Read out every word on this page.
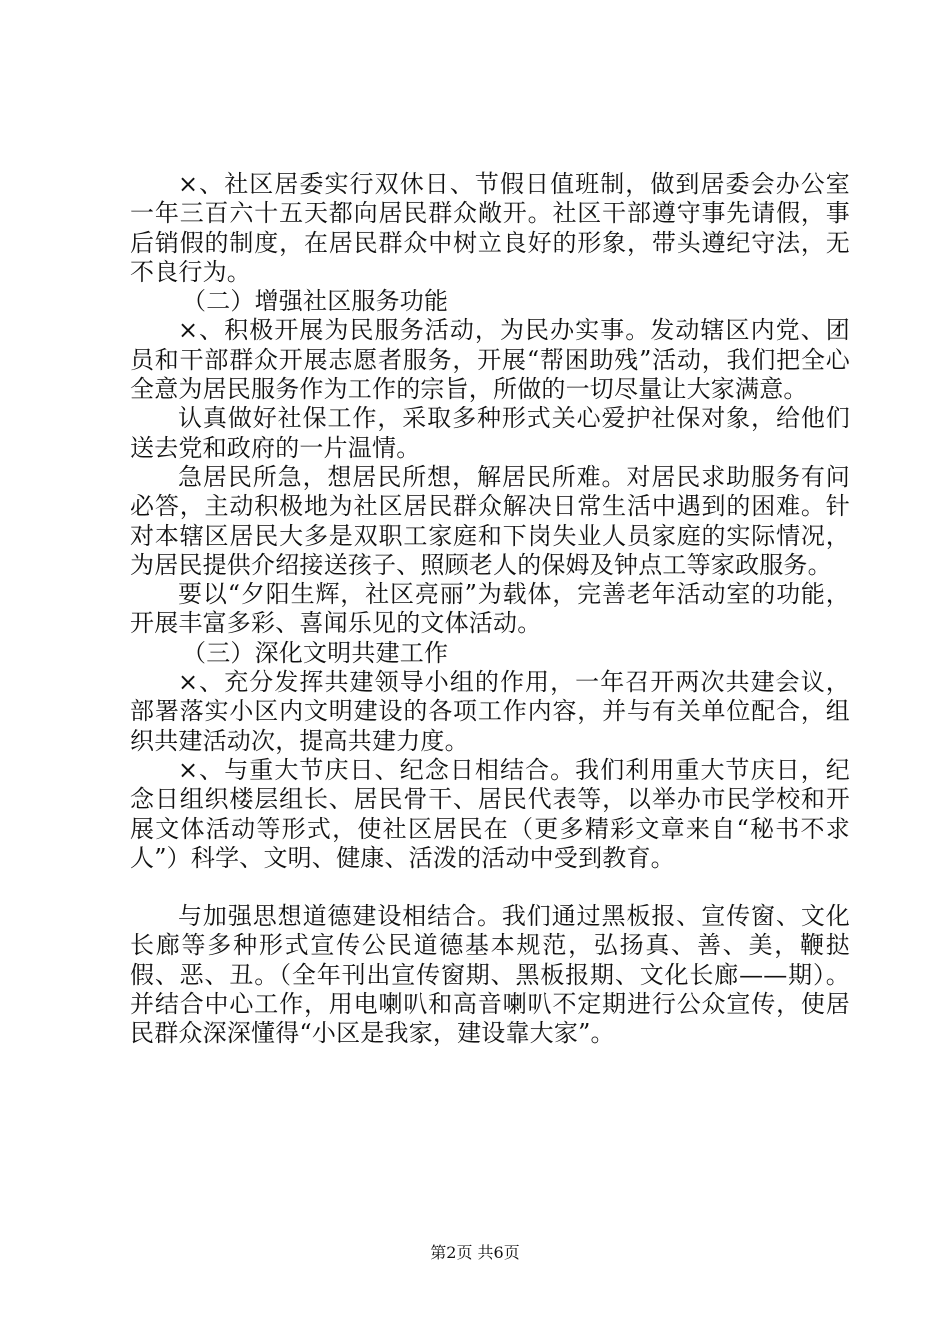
×、社区居委实行双休日、节假日值班制，做到居委会办公室一年三百六十五天都向居民群众敞开。社区干部遵守事先请假，事后销假的制度，在居民群众中树立良好的形象，带头遵纪守法，无不良行为。

（二）增强社区服务功能

×、积极开展为民服务活动，为民办实事。发动辖区内党、团员和干部群众开展志愿者服务，开展“帮困助残”活动，我们把全心全意为居民服务作为工作的宗旨，所做的一切尽量让大家满意。

认真做好社保工作，采取多种形式关心爱护社保对象，给他们送去党和政府的一片温情。

急居民所急，想居民所想，解居民所难。对居民求助服务有问必答，主动积极地为社区居民群众解决日常生活中遇到的困难。针对本辖区居民大多是双职工家庭和下岗失业人员家庭的实际情况，为居民提供介绍接送孩子、照顾老人的保姆及钟点工等家政服务。

要以“夕阳生辉，社区亮丽”为载体，完善老年活动室的功能，开展丰富多彩、喜闻乐见的文体活动。

（三）深化文明共建工作

×、充分发挥共建领导小组的作用，一年召开两次共建会议，部署落实小区内文明建设的各项工作内容，并与有关单位配合，组织共建活动次，提高共建力度。

×、与重大节庆日、纪念日相结合。我们利用重大节庆日，纪念日组织楼层组长、居民骨干、居民代表等，以举办市民学校和开展文体活动等形式，使社区居民在（更多精彩文章来自“秘书不求人”）科学、文明、健康、活泼的活动中受到教育。

与加强思想道德建设相结合。我们通过黑板报、宣传窗、文化长廊等多种形式宣传公民道德基本规范，弘扬真、善、美，鞭挞假、恶、丑。（全年刊出宣传窗期、黑板报期、文化长廊——期）。并结合中心工作，用电喇叭和高音喇叭不定期进行公众宣传，使居民群众深深懂得“小区是我家，建设靠大家”。

第2页 共6页
